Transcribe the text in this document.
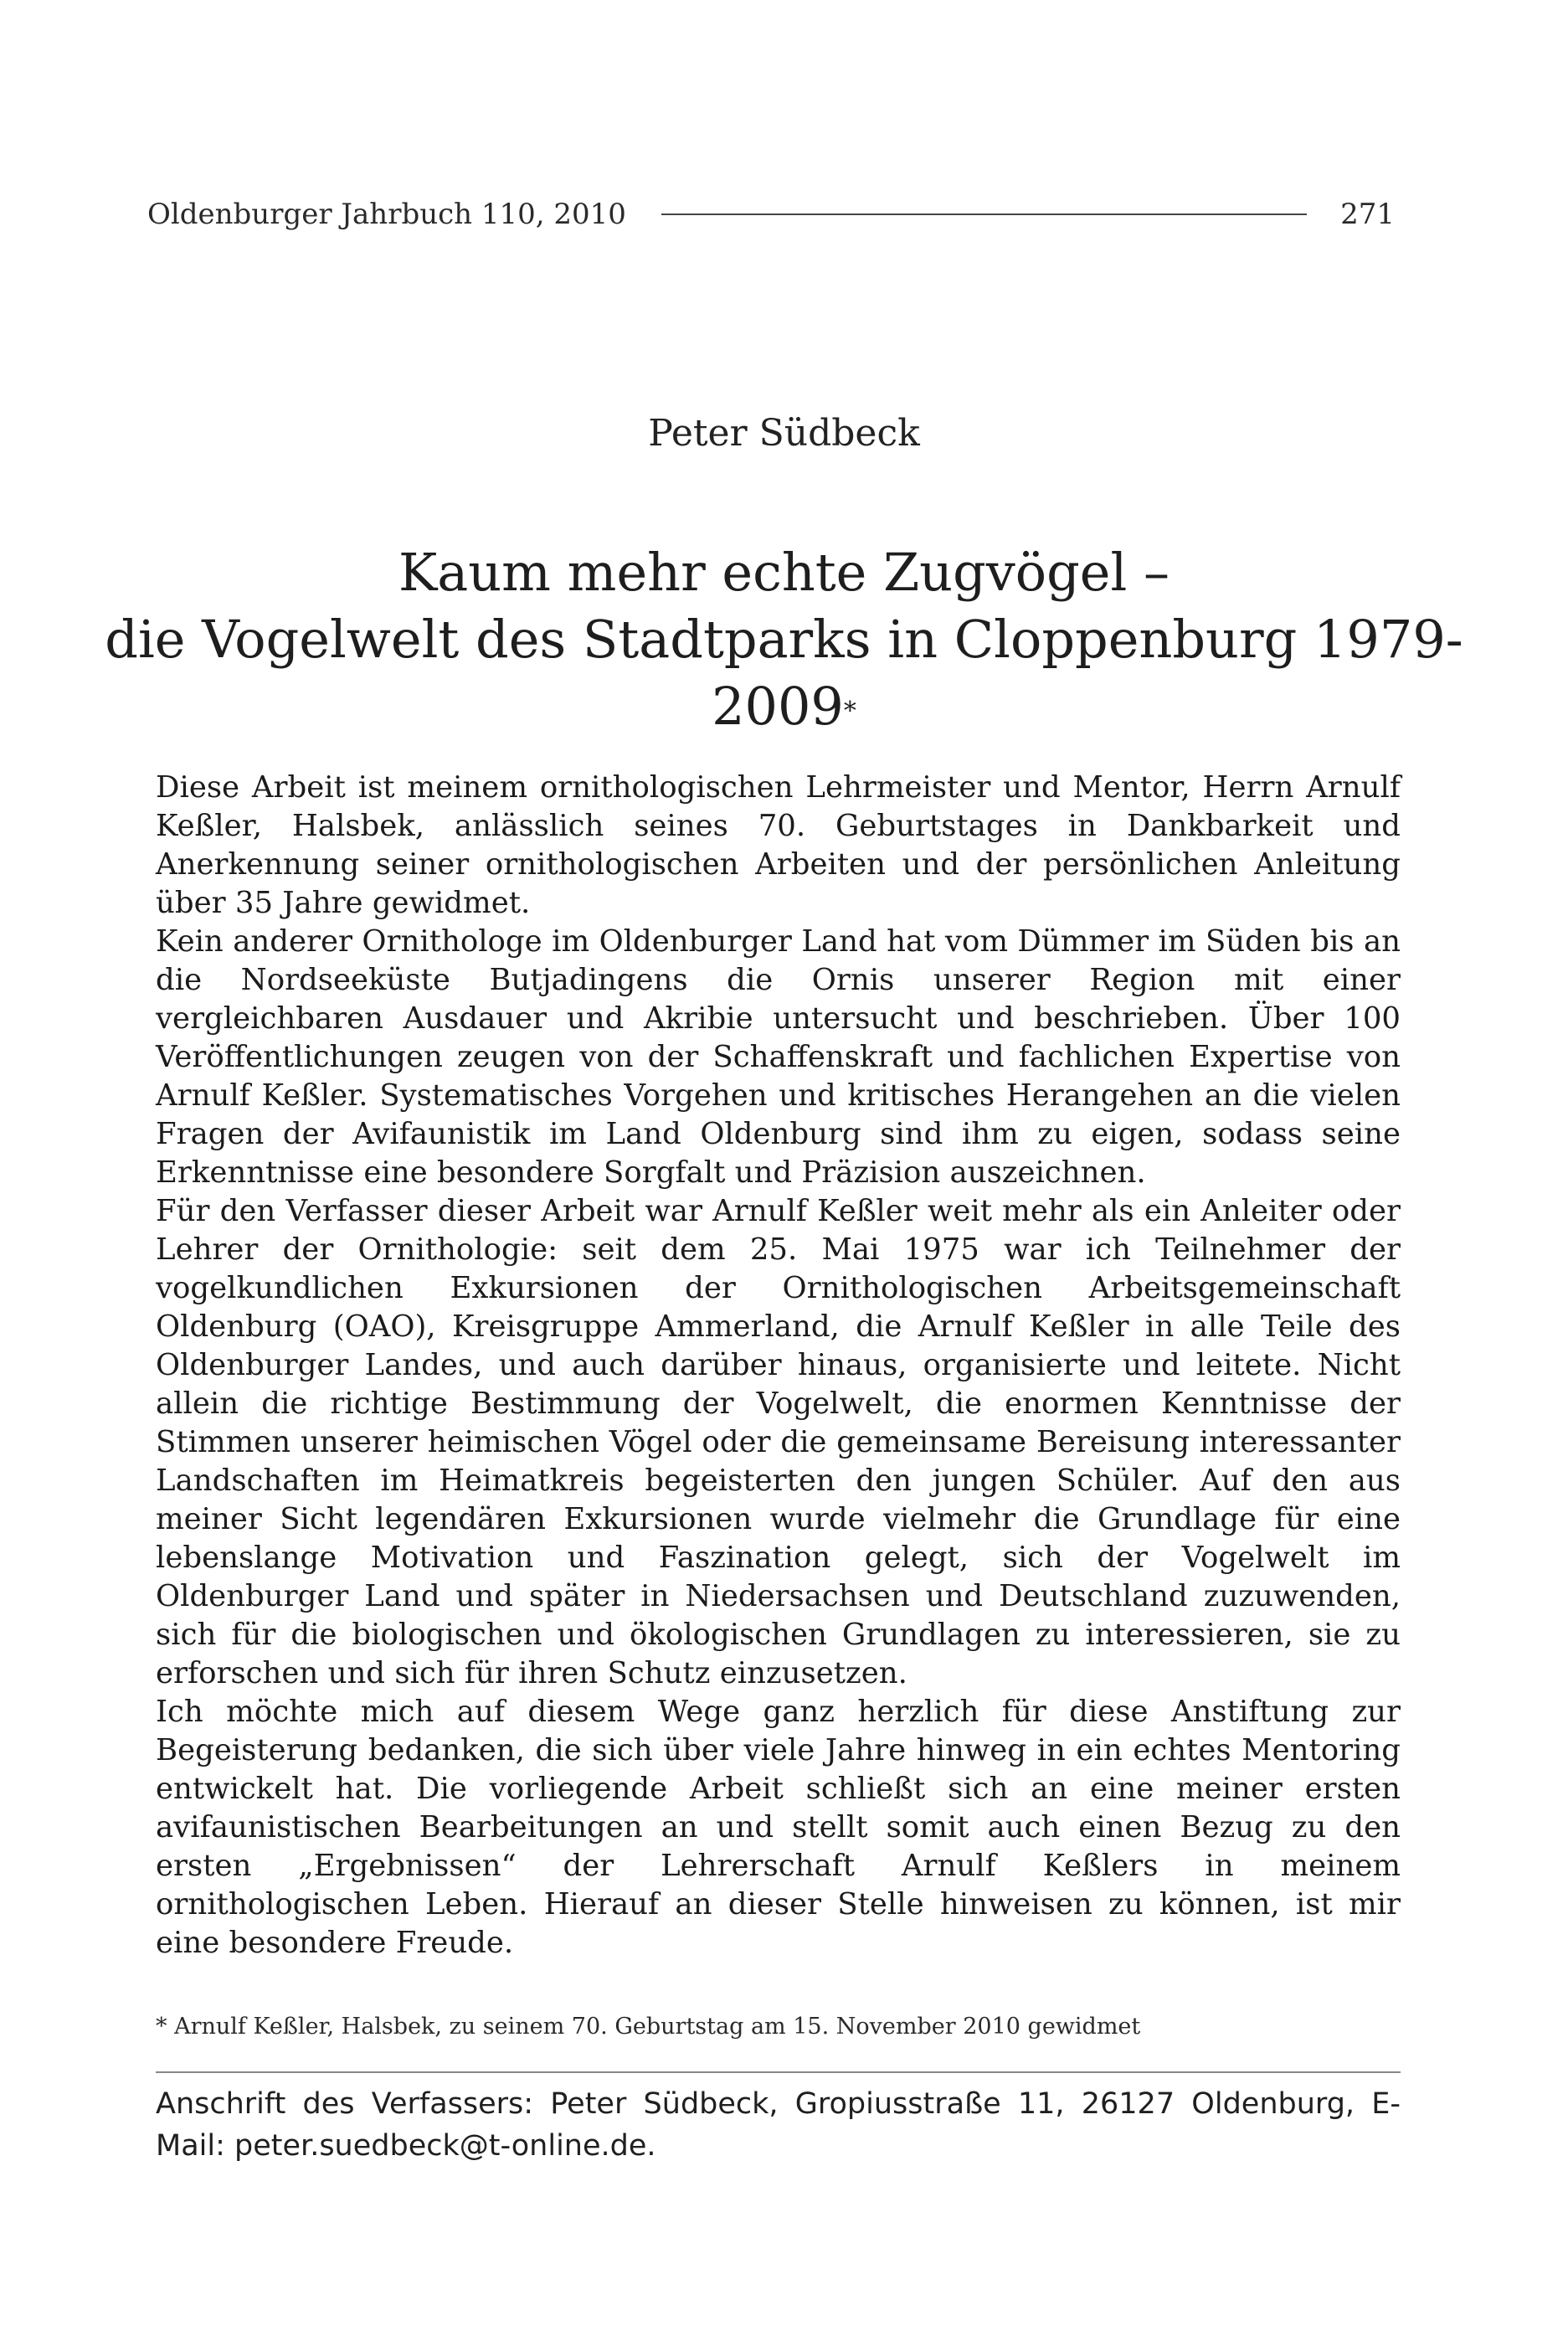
Oldenburger Jahrbuch 110, 2010	271
Peter Südbeck
Kaum mehr echte Zugvögel –
die Vogelwelt des Stadtparks in Cloppenburg 1979-2009*

Diese Arbeit ist meinem ornithologischen Lehrmeister und Mentor, Herrn Arnulf Keßler, Halsbek, anlässlich seines 70. Geburtstages in Dankbarkeit und Anerkennung seiner ornithologischen Arbeiten und der persönlichen Anleitung über 35 Jahre gewidmet.

Kein anderer Ornithologe im Oldenburger Land hat vom Dümmer im Süden bis an die Nordseeküste Butjadingens die Ornis unserer Region mit einer vergleichbaren Ausdauer und Akribie untersucht und beschrieben. Über 100 Veröffentlichungen zeugen von der Schaffenskraft und fachlichen Expertise von Arnulf Keßler. Systematisches Vorgehen und kritisches Herangehen an die vielen Fragen der Avifaunistik im Land Oldenburg sind ihm zu eigen, sodass seine Erkenntnisse eine besondere Sorgfalt und Präzision auszeichnen.

Für den Verfasser dieser Arbeit war Arnulf Keßler weit mehr als ein Anleiter oder Lehrer der Ornithologie: seit dem 25. Mai 1975 war ich Teilnehmer der vogelkundlichen Exkursionen der Ornithologischen Arbeitsgemeinschaft Oldenburg (OAO), Kreisgruppe Ammerland, die Arnulf Keßler in alle Teile des Oldenburger Landes, und auch darüber hinaus, organisierte und leitete. Nicht allein die richtige Bestimmung der Vogelwelt, die enormen Kenntnisse der Stimmen unserer heimischen Vögel oder die gemeinsame Bereisung interessanter Landschaften im Heimatkreis begeisterten den jungen Schüler. Auf den aus meiner Sicht legendären Exkursionen wurde vielmehr die Grundlage für eine lebenslange Motivation und Faszination gelegt, sich der Vogelwelt im Oldenburger Land und später in Niedersachsen und Deutschland zuzuwenden, sich für die biologischen und ökologischen Grundlagen zu interessieren, sie zu erforschen und sich für ihren Schutz einzusetzen.

Ich möchte mich auf diesem Wege ganz herzlich für diese Anstiftung zur Begeisterung bedanken, die sich über viele Jahre hinweg in ein echtes Mentoring entwickelt hat. Die vorliegende Arbeit schließt sich an eine meiner ersten avifaunistischen Bearbeitungen an und stellt somit auch einen Bezug zu den ersten „Ergebnissen“ der Lehrerschaft Arnulf Keßlers in meinem ornithologischen Leben. Hierauf an dieser Stelle hinweisen zu können, ist mir eine besondere Freude.

* Arnulf Keßler, Halsbek, zu seinem 70. Geburtstag am 15. November 2010 gewidmet
Anschrift des Verfassers: Peter Südbeck, Gropiusstraße 11, 26127 Oldenburg, E-Mail: peter.suedbeck@t-online.de.
